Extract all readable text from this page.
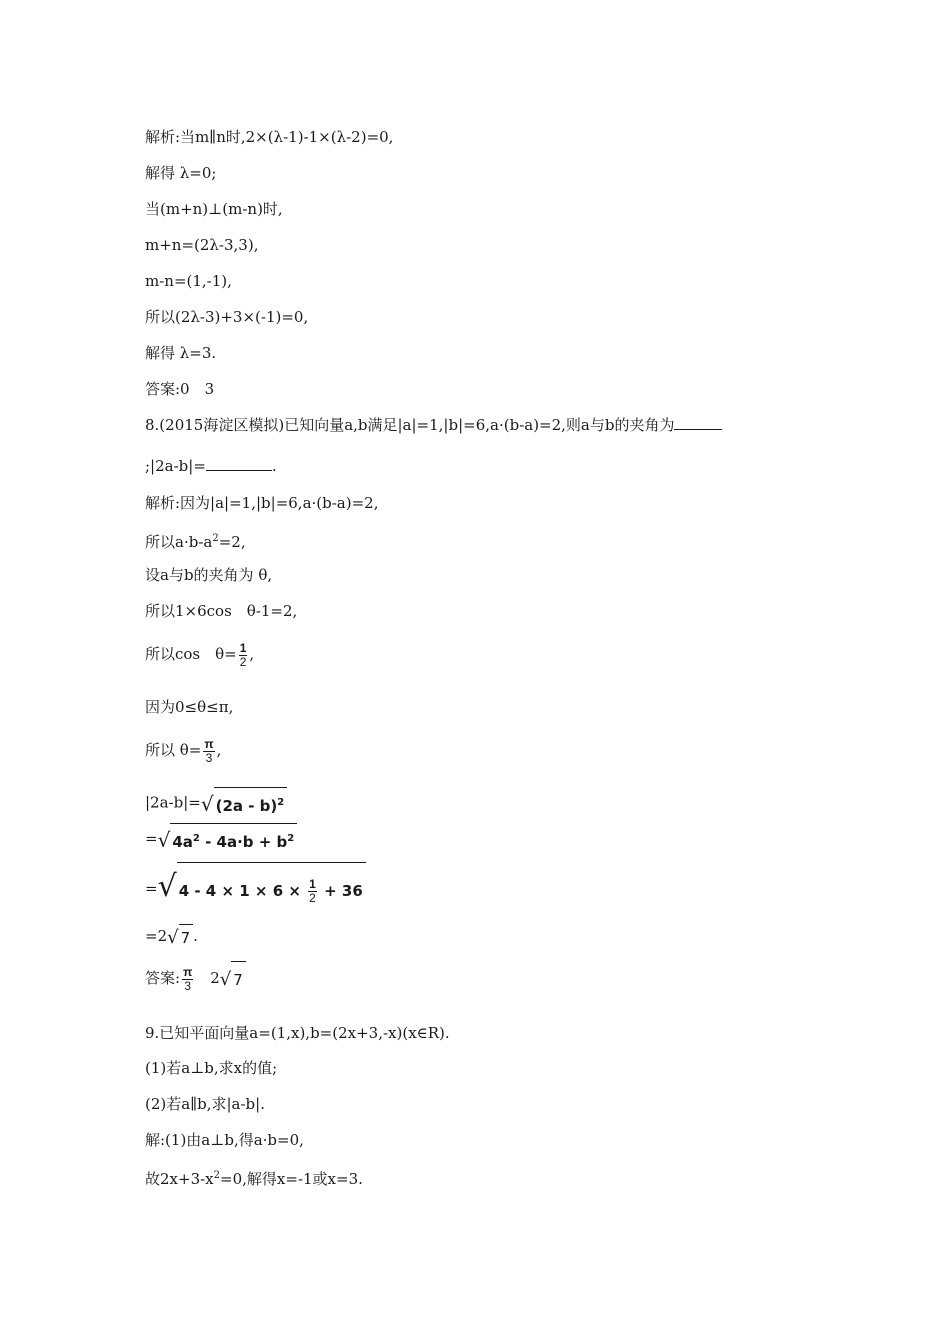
解析:当m∥n时,2×(λ-1)-1×(λ-2)=0,
解得 λ=0;
当(m+n)⊥(m-n)时,
m+n=(2λ-3,3),
m-n=(1,-1),
所以(2λ-3)+3×(-1)=0,
解得 λ=3.
答案:0　3
8.(2015海淀区模拟)已知向量a,b满足|a|=1,|b|=6,a·(b-a)=2,则a与b的夹角为
;|2a-b|=	.
解析:因为|a|=1,|b|=6,a·(b-a)=2,
所以$a\cdot b-a^2=2$,
设a与b的夹角为 θ,
所以1×6cos　θ-1=2,
所以cos　$\theta= \frac{1}{2}$ ,
因为0≤θ≤π,
所以 $\theta= \frac{\pi}{3}$ ,
|2a-b|=√ (2a - b)$^2$
=√ $4a^2 - 4a\cdot b + b^2$
=√ $4 - 4 \times 1 \times 6 \times \frac{1}{2} + 36$
=2√ 7 .
答案: $\frac{\pi}{3}$ 　2√ 7
9.已知平面向量a=(1,x),b=(2x+3,-x)(x∈R).
(1)若a⊥b,求x的值;
(2)若a∥b,求|a-b|.
解:(1)由a⊥b,得a·b=0,
故$2x+3-x^2=0$,解得x=-1或x=3.
